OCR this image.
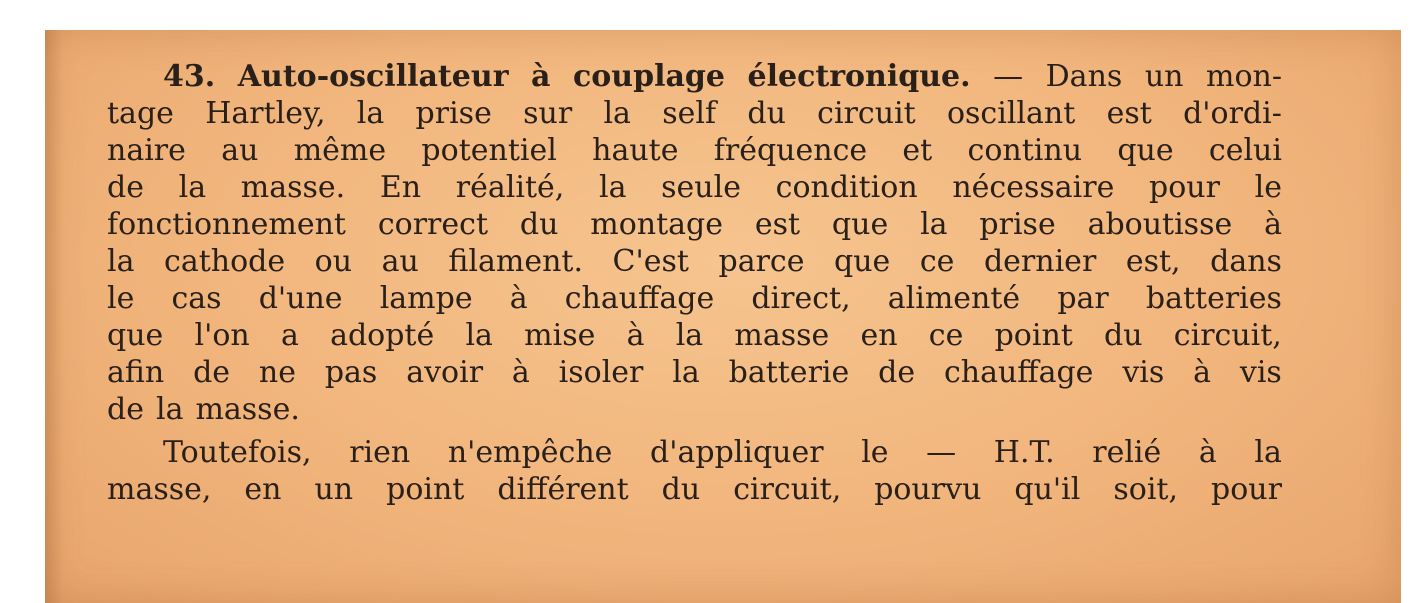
43. Auto-oscillateur à couplage électronique. — Dans un mon-
tage Hartley, la prise sur la self du circuit oscillant est d'ordi-
naire au même potentiel haute fréquence et continu que celui
de la masse. En réalité, la seule condition nécessaire pour le
fonctionnement correct du montage est que la prise aboutisse à
la cathode ou au filament. C'est parce que ce dernier est, dans
le cas d'une lampe à chauffage direct, alimenté par batteries
que l'on a adopté la mise à la masse en ce point du circuit,
afin de ne pas avoir à isoler la batterie de chauffage vis à vis
de la masse.
Toutefois, rien n'empêche d'appliquer le — H.T. relié à la
masse, en un point différent du circuit, pourvu qu'il soit, pour
